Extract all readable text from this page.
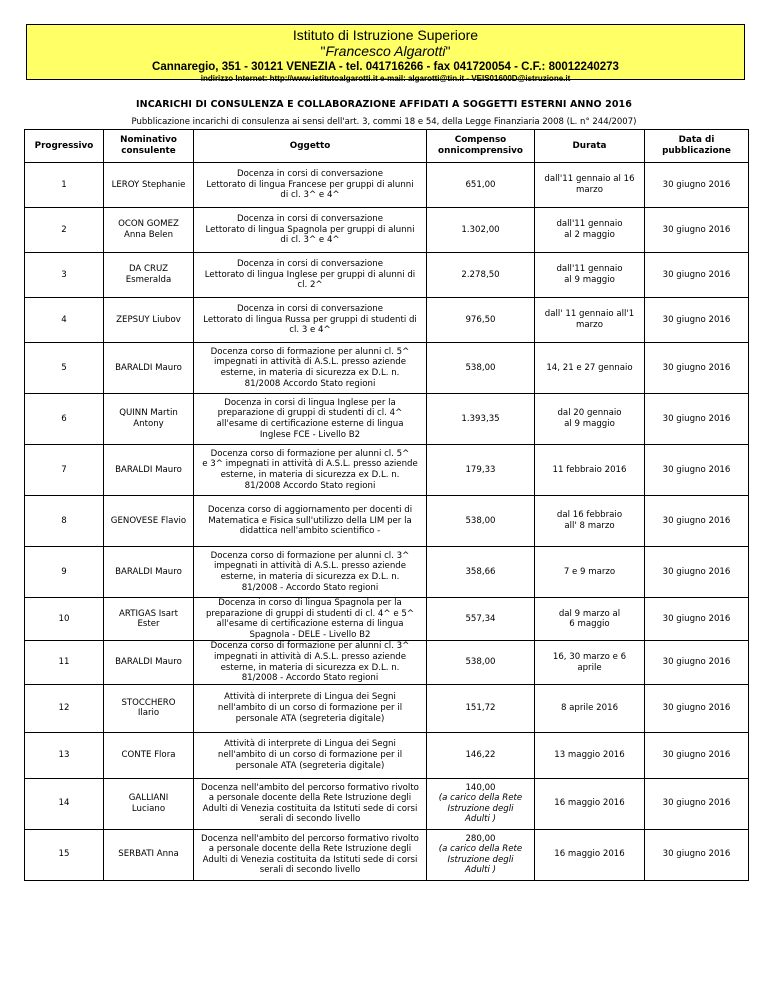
Istituto di Istruzione Superiore
"Francesco Algarotti"
Cannaregio, 351 - 30121 VENEZIA - tel. 041716266 - fax 041720054 - C.F.: 80012240273
indirizzo Internet: http://www.istitutoalgarotti.it e-mail: algarotti@tin.it - VEIS01600D@istruzione.it
INCARICHI DI CONSULENZA E COLLABORAZIONE AFFIDATI A SOGGETTI ESTERNI ANNO 2016
Pubblicazione incarichi di consulenza ai sensi dell'art. 3, commi 18 e 54, della Legge Finanziaria 2008 (L. n° 244/2007)
Progressivo	Nominativo
consulente	Oggetto	Compenso
onnicomprensivo	Durata	Data di
pubblicazione

1	LEROY Stephanie	Docenza in corsi di conversazione
Lettorato di lingua Francese per gruppi di alunni
di cl. 3^ e 4^	651,00	dall'11 gennaio al 16
marzo	30 giugno 2016

2	OCON GOMEZ
Anna Belen	Docenza in corsi di conversazione
Lettorato di lingua Spagnola per gruppi di alunni
di cl. 3^ e 4^	1.302,00	dall'11 gennaio
al 2 maggio	30 giugno 2016

3	DA CRUZ Esmeralda	Docenza in corsi di conversazione
Lettorato di lingua Inglese per gruppi di alunni di
cl. 2^	2.278,50	dall'11 gennaio
al 9 maggio	30 giugno 2016

4	ZEPSUY Liubov	Docenza in corsi di conversazione
Lettorato di lingua Russa per gruppi di studenti di
cl. 3 e 4^	976,50	dall' 11 gennaio all'1
marzo	30 giugno 2016

5	BARALDI Mauro	Docenza corso di formazione per alunni cl. 5^
impegnati in attività di A.S.L. presso aziende
esterne, in materia di sicurezza ex D.L. n.
81/2008 Accordo Stato regioni	538,00	14, 21 e 27 gennaio	30 giugno 2016

6	QUINN Martin Antony	Docenza in corsi di lingua Inglese per la
preparazione di gruppi di studenti di cl. 4^
all'esame di certificazione esterne di lingua
Inglese FCE - Livello B2	1.393,35	dal 20 gennaio
al 9 maggio	30 giugno 2016

7	BARALDI Mauro	Docenza corso di formazione per alunni cl. 5^
e 3^ impegnati in attività di A.S.L. presso aziende
esterne, in materia di sicurezza ex D.L. n.
81/2008 Accordo Stato regioni	179,33	11 febbraio 2016	30 giugno 2016

8	GENOVESE Flavio	Docenza corso di aggiornamento per docenti di
Matematica e Fisica sull'utilizzo della LIM per la
didattica nell'ambito scientifico -	538,00	dal 16 febbraio
all' 8 marzo	30 giugno 2016

9	BARALDI Mauro	Docenza corso di formazione per alunni cl. 3^
impegnati in attività di A.S.L. presso aziende
esterne, in materia di sicurezza ex D.L. n.
81/2008 - Accordo Stato regioni	358,66	7 e 9 marzo	30 giugno 2016

10	ARTIGAS Isart
Ester	Docenza in corso di lingua Spagnola per la
preparazione di gruppi di studenti di cl. 4^ e 5^
all'esame di certificazione esterna di lingua
Spagnola - DELE - Livello B2	557,34	dal 9 marzo al
6 maggio	30 giugno 2016

11	BARALDI Mauro	Docenza corso di formazione per alunni cl. 3^
impegnati in attività di A.S.L. presso aziende
esterne, in materia di sicurezza ex D.L. n.
81/2008 - Accordo Stato regioni	538,00	16, 30 marzo e 6
aprile	30 giugno 2016

12	STOCCHERO
Ilario	Attività di interprete di Lingua dei Segni
nell'ambito di un corso di formazione per il
personale ATA (segreteria digitale)	151,72	8 aprile 2016	30 giugno 2016

13	CONTE Flora	Attività di interprete di Lingua dei Segni
nell'ambito di un corso di formazione per il
personale ATA (segreteria digitale)	146,22	13 maggio 2016	30 giugno 2016

14	GALLIANI
Luciano	Docenza nell'ambito del percorso formativo rivolto
a personale docente della Rete Istruzione degli
Adulti di Venezia costituita da Istituti sede di corsi
serali di secondo livello	140,00
(a carico della Rete
Istruzione degli
Adulti )	16 maggio 2016	30 giugno 2016

15	SERBATI Anna	Docenza nell'ambito del percorso formativo rivolto
a personale docente della Rete Istruzione degli
Adulti di Venezia costituita da Istituti sede di corsi
serali di secondo livello	280,00
(a carico della Rete
Istruzione degli
Adulti )	16 maggio 2016	30 giugno 2016
